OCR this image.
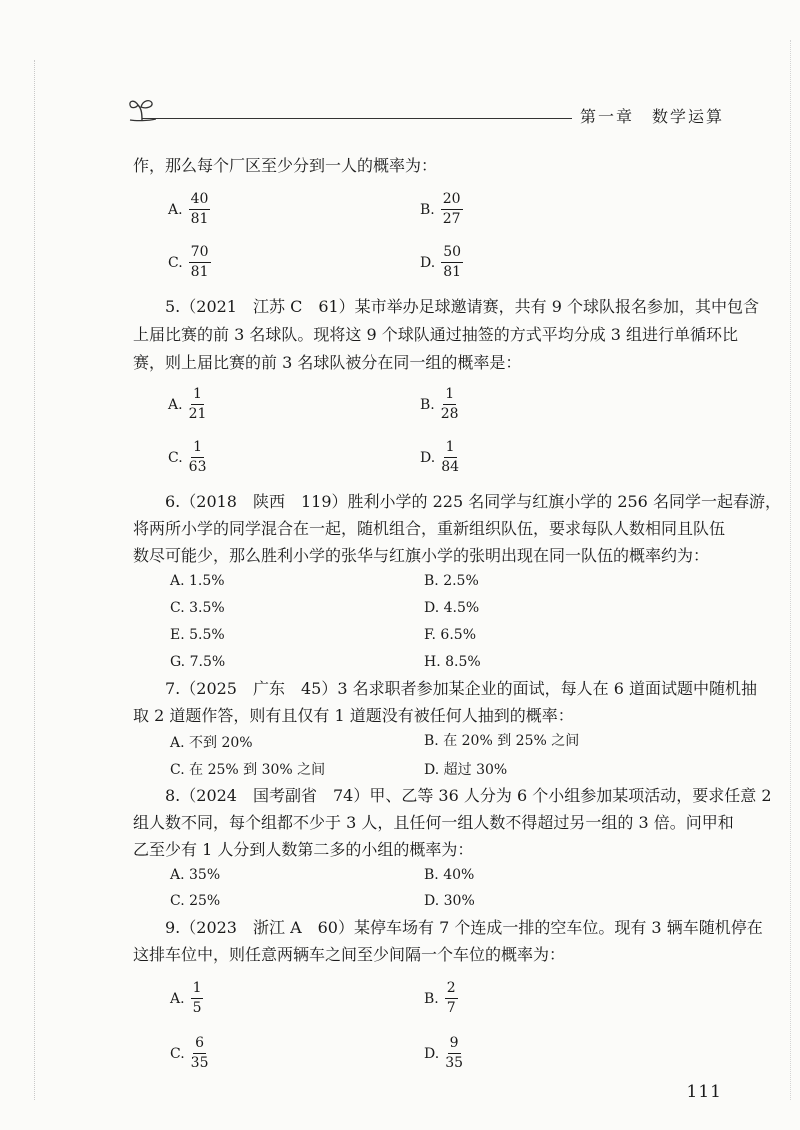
第一章　数学运算
作，那么每个厂区至少分到一人的概率为：
A. $\frac{40}{81}$	B. $\frac{20}{27}$
C. $\frac{70}{81}$	D. $\frac{50}{81}$
5.（2021　江苏 C　61）某市举办足球邀请赛，共有 9 个球队报名参加，其中包含
上届比赛的前 3 名球队。现将这 9 个球队通过抽签的方式平均分成 3 组进行单循环比
赛，则上届比赛的前 3 名球队被分在同一组的概率是：
A. $\frac{1}{21}$	B. $\frac{1}{28}$
C. $\frac{1}{63}$	D. $\frac{1}{84}$
6.（2018　陕西　119）胜利小学的 225 名同学与红旗小学的 256 名同学一起春游，
将两所小学的同学混合在一起，随机组合，重新组织队伍，要求每队人数相同且队伍
数尽可能少，那么胜利小学的张华与红旗小学的张明出现在同一队伍的概率约为：
A. 1.5%	B. 2.5%
C. 3.5%	D. 4.5%
E. 5.5%	F. 6.5%
G. 7.5%	H. 8.5%
7.（2025　广东　45）3 名求职者参加某企业的面试，每人在 6 道面试题中随机抽
取 2 道题作答，则有且仅有 1 道题没有被任何人抽到的概率：
A. 不到 20%	B. 在 20% 到 25% 之间
C. 在 25% 到 30% 之间	D. 超过 30%
8.（2024　国考副省　74）甲、乙等 36 人分为 6 个小组参加某项活动，要求任意 2
组人数不同，每个组都不少于 3 人，且任何一组人数不得超过另一组的 3 倍。问甲和
乙至少有 1 人分到人数第二多的小组的概率为：
A. 35%	B. 40%
C. 25%	D. 30%
9.（2023　浙江 A　60）某停车场有 7 个连成一排的空车位。现有 3 辆车随机停在
这排车位中，则任意两辆车之间至少间隔一个车位的概率为：
A. $\frac{1}{5}$	B. $\frac{2}{7}$
C. $\frac{6}{35}$	D. $\frac{9}{35}$
111
